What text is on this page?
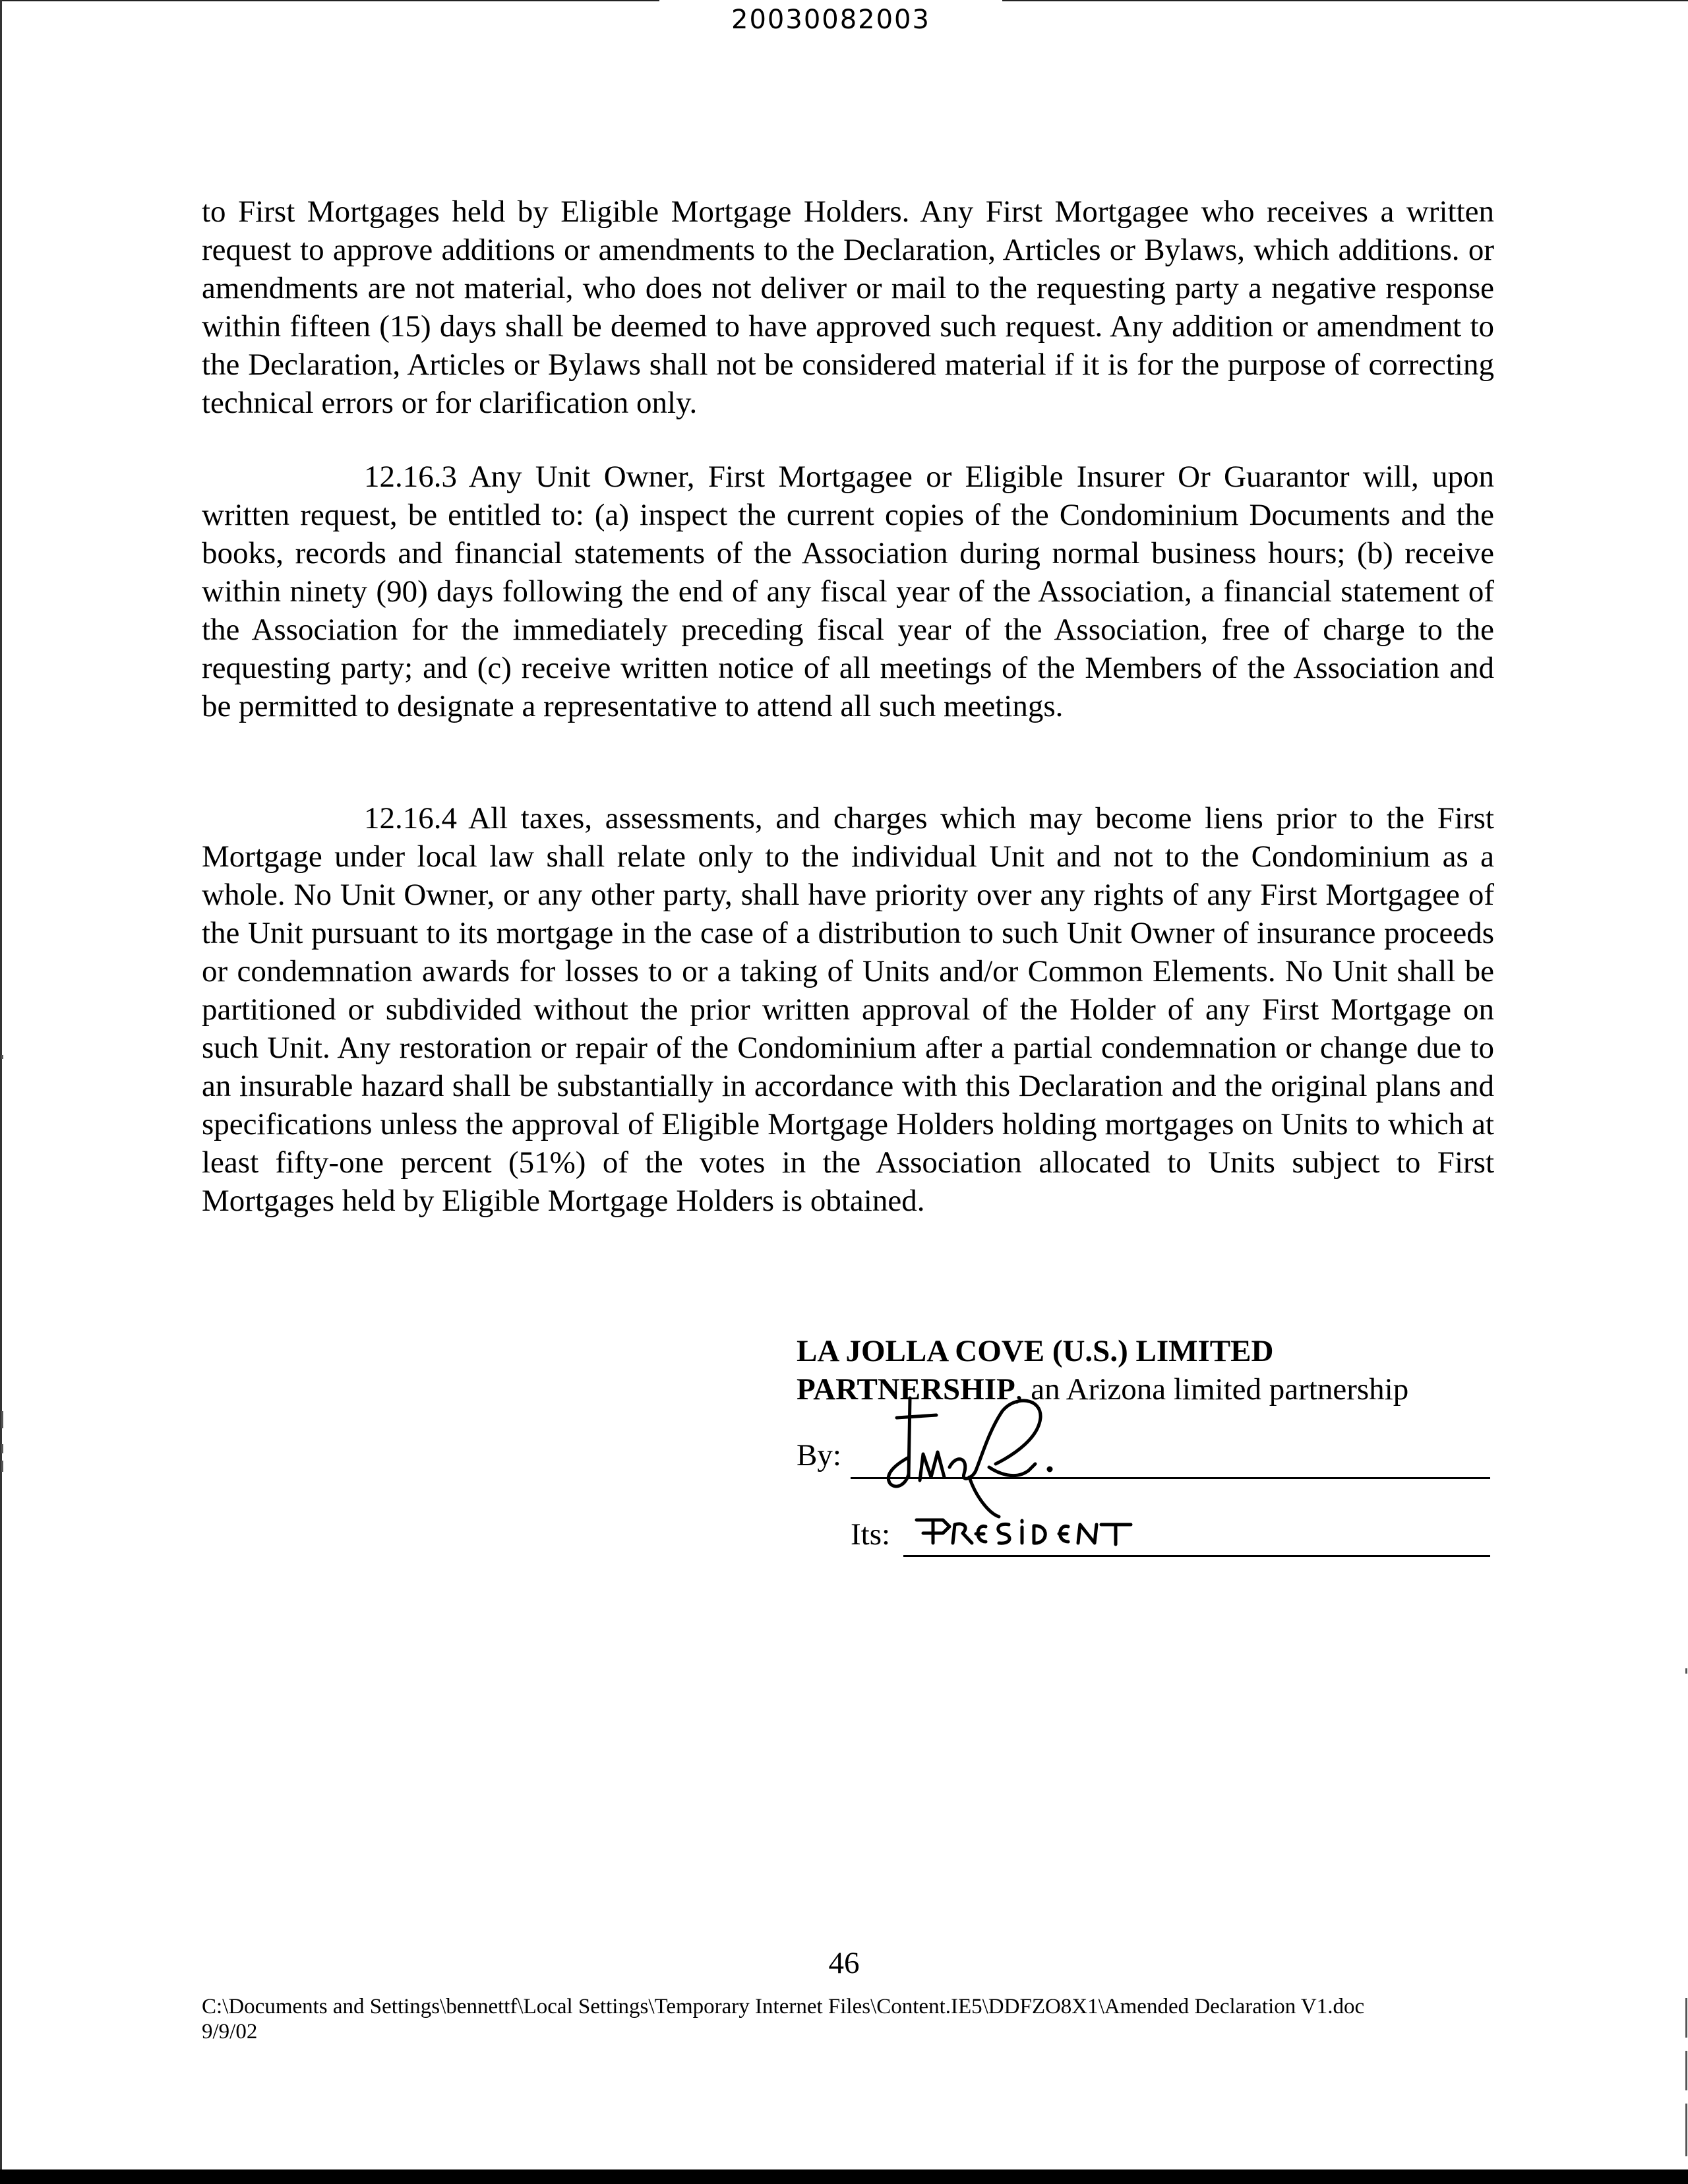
20030082003

to First Mortgages held by Eligible Mortgage Holders. Any First Mortgagee who receives a written request to approve additions or amendments to the Declaration, Articles or Bylaws, which additions. or amendments are not material, who does not deliver or mail to the requesting party a negative response within fifteen (15) days shall be deemed to have approved such request. Any addition or amendment to the Declaration, Articles or Bylaws shall not be considered material if it is for the purpose of correcting technical errors or for clarification only.

12.16.3 Any Unit Owner, First Mortgagee or Eligible Insurer Or Guarantor will, upon written request, be entitled to: (a) inspect the current copies of the Condominium Documents and the books, records and financial statements of the Association during normal business hours; (b) receive within ninety (90) days following the end of any fiscal year of the Association, a financial statement of the Association for the immediately preceding fiscal year of the Association, free of charge to the requesting party; and (c) receive written notice of all meetings of the Members of the Association and be permitted to designate a representative to attend all such meetings.

12.16.4 All taxes, assessments, and charges which may become liens prior to the First Mortgage under local law shall relate only to the individual Unit and not to the Condominium as a whole. No Unit Owner, or any other party, shall have priority over any rights of any First Mortgagee of the Unit pursuant to its mortgage in the case of a distribution to such Unit Owner of insurance proceeds or condemnation awards for losses to or a taking of Units and/or Common Elements. No Unit shall be partitioned or subdivided without the prior written approval of the Holder of any First Mortgage on such Unit. Any restoration or repair of the Condominium after a partial condemnation or change due to an insurable hazard shall be substantially in accordance with this Declaration and the original plans and specifications unless the approval of Eligible Mortgage Holders holding mortgages on Units to which at least fifty-one percent (51%) of the votes in the Association allocated to Units subject to First Mortgages held by Eligible Mortgage Holders is obtained.

LA JOLLA COVE (U.S.) LIMITED
PARTNERSHIP, an Arizona limited partnership
By:
Its:
46
C:\Documents and Settings\bennettf\Local Settings\Temporary Internet Files\Content.IE5\DDFZO8X1\Amended Declaration V1.doc
9/9/02
